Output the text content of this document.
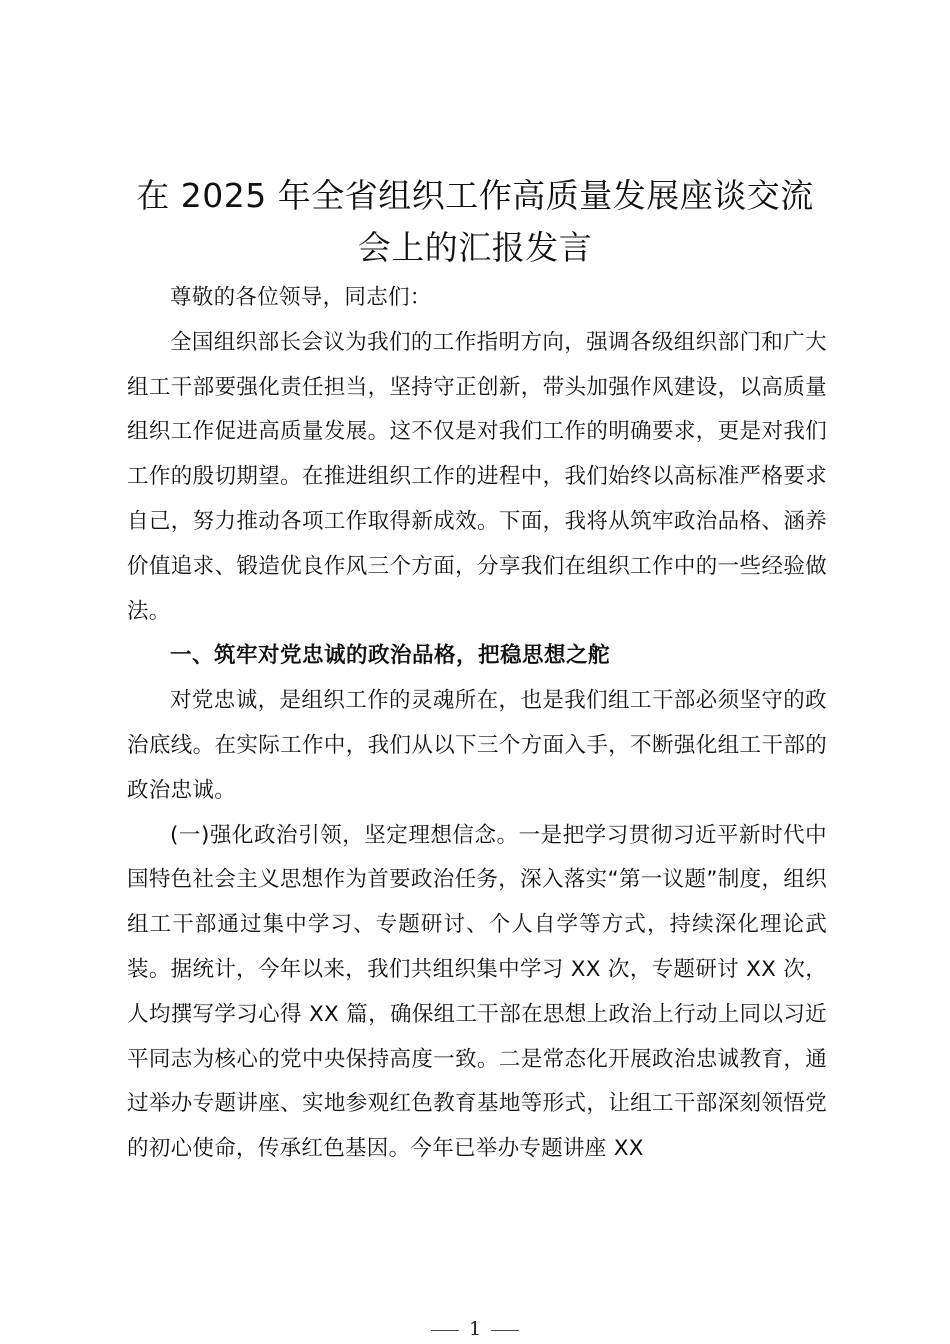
在 2025 年全省组织工作高质量发展座谈交流
会上的汇报发言

尊敬的各位领导，同志们：

全国组织部长会议为我们的工作指明方向，强调各级组织部门和广大组工干部要强化责任担当，坚持守正创新，带头加强作风建设，以高质量组织工作促进高质量发展。这不仅是对我们工作的明确要求，更是对我们工作的殷切期望。在推进组织工作的进程中，我们始终以高标准严格要求自己，努力推动各项工作取得新成效。下面，我将从筑牢政治品格、涵养价值追求、锻造优良作风三个方面，分享我们在组织工作中的一些经验做法。

一、筑牢对党忠诚的政治品格，把稳思想之舵

对党忠诚，是组织工作的灵魂所在，也是我们组工干部必须坚守的政治底线。在实际工作中，我们从以下三个方面入手，不断强化组工干部的政治忠诚。

(一)强化政治引领，坚定理想信念。一是把学习贯彻习近平新时代中国特色社会主义思想作为首要政治任务，深入落实“第一议题”制度，组织组工干部通过集中学习、专题研讨、个人自学等方式，持续深化理论武装。据统计，今年以来，我们共组织集中学习 XX 次，专题研讨 XX 次，人均撰写学习心得 XX 篇，确保组工干部在思想上政治上行动上同以习近平同志为核心的党中央保持高度一致。二是常态化开展政治忠诚教育，通过举办专题讲座、实地参观红色教育基地等形式，让组工干部深刻领悟党的初心使命，传承红色基因。今年已举办专题讲座 XX

1
